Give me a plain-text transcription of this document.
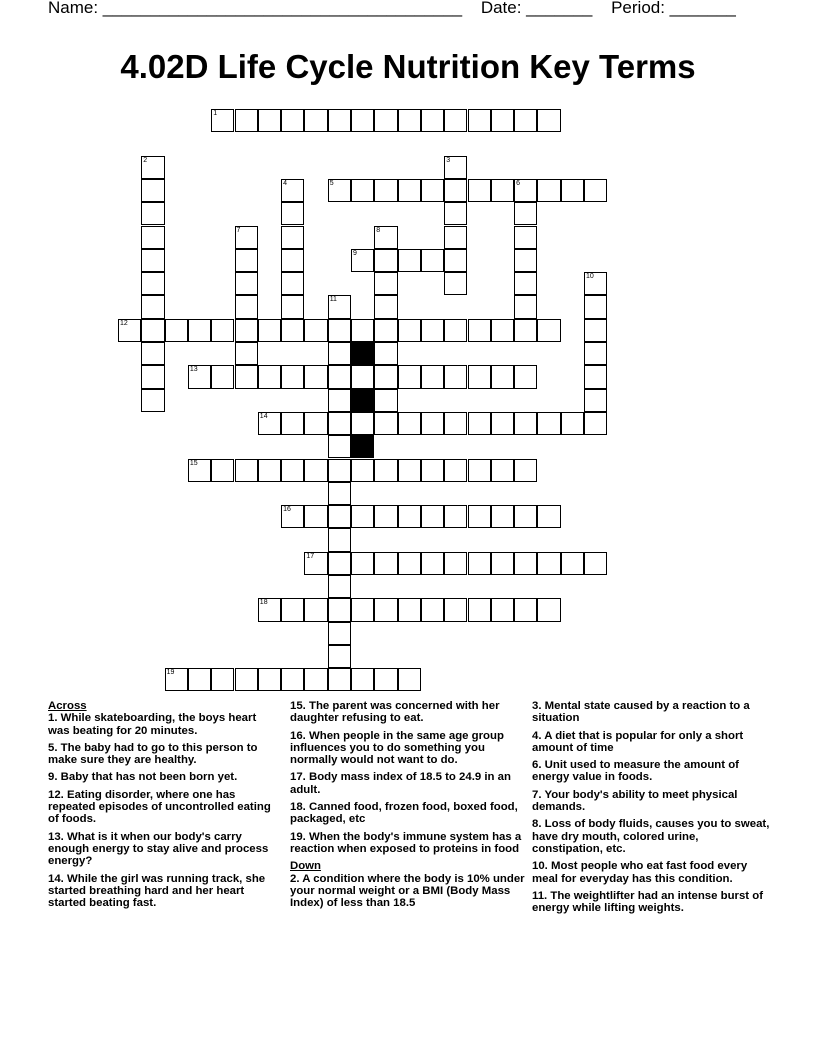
Name: ______________________________________ Date: _______ Period: _______
4.02D Life Cycle Nutrition Key Terms
1
12
13
14
15
16
17
18
19
5	6
9
2	3
4
7	8
10
11
Across
1. While skateboarding, the boys heart was beating for 20 minutes.
5. The baby had to go to this person to make sure they are healthy.
9. Baby that has not been born yet.
12. Eating disorder, where one has repeated episodes of uncontrolled eating of foods.
13. What is it when our body's carry enough energy to stay alive and process energy?
14. While the girl was running track, she started breathing hard and her heart started beating fast.
15. The parent was concerned with her daughter refusing to eat.
16. When people in the same age group influences you to do something you normally would not want to do.
17. Body mass index of 18.5 to 24.9 in an adult.
18. Canned food, frozen food, boxed food, packaged, etc
19. When the body's immune system has a reaction when exposed to proteins in food
Down
2. A condition where the body is 10% under your normal weight or a BMI (Body Mass Index) of less than 18.5
3. Mental state caused by a reaction to a situation
4. A diet that is popular for only a short amount of time
6. Unit used to measure the amount of energy value in foods.
7. Your body's ability to meet physical demands.
8. Loss of body fluids, causes you to sweat, have dry mouth, colored urine, constipation, etc.
10. Most people who eat fast food every meal for everyday has this condition.
11. The weightlifter had an intense burst of energy while lifting weights.
